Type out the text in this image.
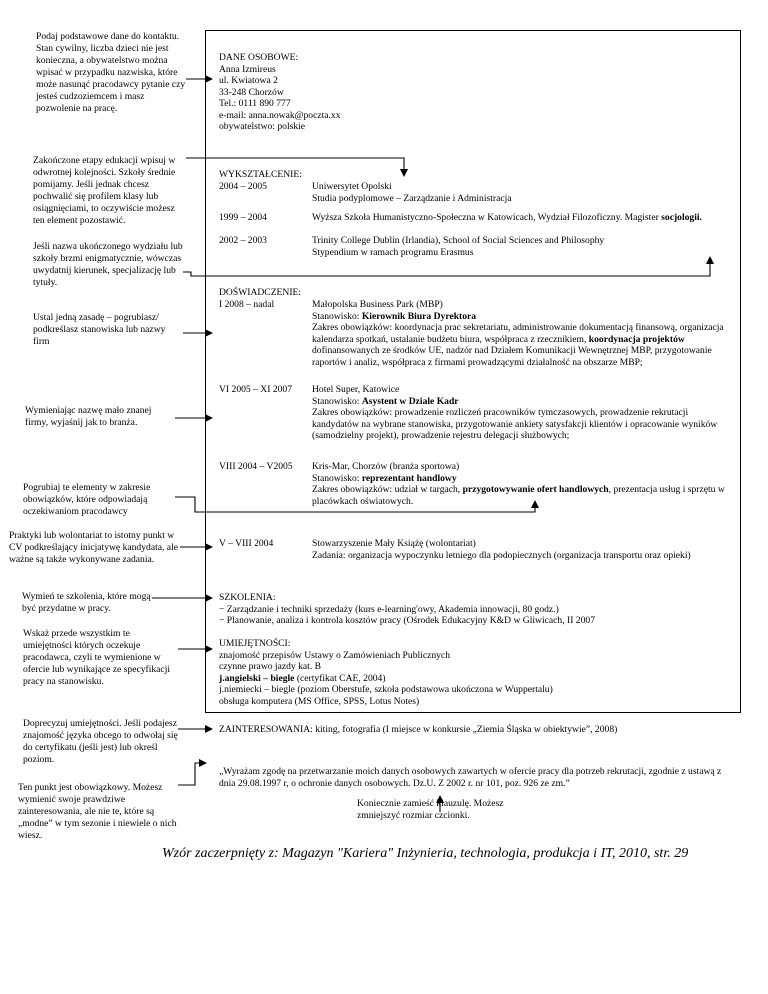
Podaj podstawowe dane do kontaktu.
Stan cywilny, liczba dzieci nie jest konieczna, a obywatelstwo można wpisać w przypadku nazwiska, które może nasunąć pracodawcy pytanie czy jesteś cudzoziemcem i masz pozwolenie na pracę.
Zakończone etapy edukacji wpisuj w odwrotnej kolejności. Szkoły średnie pomijamy. Jeśli jednak chcesz pochwalić się profilem klasy lub osiągnięciami, to oczywiście możesz ten element pozostawić.
Jeśli nazwa ukończonego wydziału lub szkoły brzmi enigmatycznie, wówczas uwydatnij kierunek, specjalizację lub tytuły.
Ustal jedną zasadę – pogrubiasz/ podkreślasz stanowiska lub nazwy firm
Wymieniając nazwę mało znanej firmy, wyjaśnij jak to branża.
Pogrubiaj te elementy w zakresie obowiązków, które odpowiadają oczekiwaniom pracodawcy
Praktyki lub wolontariat to istotny punkt w CV podkreślający inicjatywę kandydata, ale ważne są także wykonywane zadania.
Wymień te szkolenia, które mogą być przydatne w pracy.
Wskaż przede wszystkim te umiejętności których oczekuje pracodawca, czyli te wymienione w ofercie lub wynikające ze specyfikacji pracy na stanowisku.
Doprecyzuj umiejętności. Jeśli podajesz znajomość języka obcego to odwołaj się do certyfikatu (jeśli jest) lub określ poziom.
Ten punkt jest obowiązkowy. Możesz wymienić swoje prawdziwe zainteresowania, ale nie te, które są „modne” w tym sezonie i niewiele o nich wiesz.
Koniecznie zamieść klauzulę. Możesz zmniejszyć rozmiar czcionki.
DANE OSOBOWE:
Anna Izmireus
ul. Kwiatowa 2
33-248 Chorzów
Tel.: 0111 890 777
e-mail: anna.nowak@poczta.xx
obywatelstwo: polskie
WYKSZTAŁCENIE:
2004 – 2005	Uniwersytet Opolski
Studia podyplomowe – Zarządzanie i Administracja
1999 – 2004	Wyższa Szkoła Humanistyczno-Społeczna w Katowicach, Wydział Filozoficzny. Magister socjologii.
2002 – 2003	Trinity College Dublin (Irlandia), School of Social Sciences and Philosophy
Stypendium w ramach programu Erasmus
DOŚWIADCZENIE:
I 2008 – nadal	Małopolska Business Park (MBP)
Stanowisko: Kierownik Biura Dyrektora
Zakres obowiązków: koordynacja prac sekretariatu, administrowanie dokumentacją finansową, organizacja kalendarza spotkań, ustalanie budżetu biura, współpraca z rzecznikiem, koordynacja projektów dofinansowanych ze środków UE, nadzór nad Działem Komunikacji Wewnętrznej MBP, przygotowanie raportów i analiz, współpraca z firmami prowadzącymi działalność na obszarze MBP;
VI 2005 – XI 2007 Hotel Super, Katowice
Stanowisko: Asystent w Dziale Kadr
Zakres obowiązków: prowadzenie rozliczeń pracowników tymczasowych, prowadzenie rekrutacji kandydatów na wybrane stanowiska, przygotowanie ankiety satysfakcji klientów i opracowanie wyników (samodzielny projekt), prowadzenie rejestru delegacji służbowych;
VIII 2004 – V2005 Kris-Mar, Chorzów (branża sportowa)
Stanowisko: reprezentant handlowy
Zakres obowiązków: udział w targach, przygotowywanie ofert handlowych, prezentacja usług i sprzętu w placówkach oświatowych.
V – VIII 2004	Stowarzyszenie Mały Książę (wolontariat)
Zadania: organizacja wypoczynku letniego dla podopiecznych (organizacja transportu oraz opieki)
SZKOLENIA:
− Zarządzanie i techniki sprzedaży (kurs e-learning'owy, Akademia innowacji, 80 godz.)
− Planowanie, analiza i kontrola kosztów pracy (Ośrodek Edukacyjny K&D w Gliwicach, II 2007
UMIEJĘTNOŚCI:
znajomość przepisów Ustawy o Zamówieniach Publicznych
czynne prawo jazdy kat. B
j.angielski – biegle (certyfikat CAE, 2004)
j.niemiecki – biegle (poziom Oberstufe, szkoła podstawowa ukończona w Wuppertalu)
obsługa komputera (MS Office, SPSS, Lotus Notes)
ZAINTERESOWANIA: kiting, fotografia (I miejsce w konkursie „Ziemia Śląska w obiektywie”, 2008)
„Wyrażam zgodę na przetwarzanie moich danych osobowych zawartych w ofercie pracy dla potrzeb rekrutacji, zgodnie z ustawą z dnia 29.08.1997 r, o ochronie danych osobowych. Dz.U. Z 2002 r. nr 101, poz. 926 ze zm.”
Wzór zaczerpnięty z: Magazyn "Kariera" Inżynieria, technologia, produkcja i IT, 2010, str. 29
